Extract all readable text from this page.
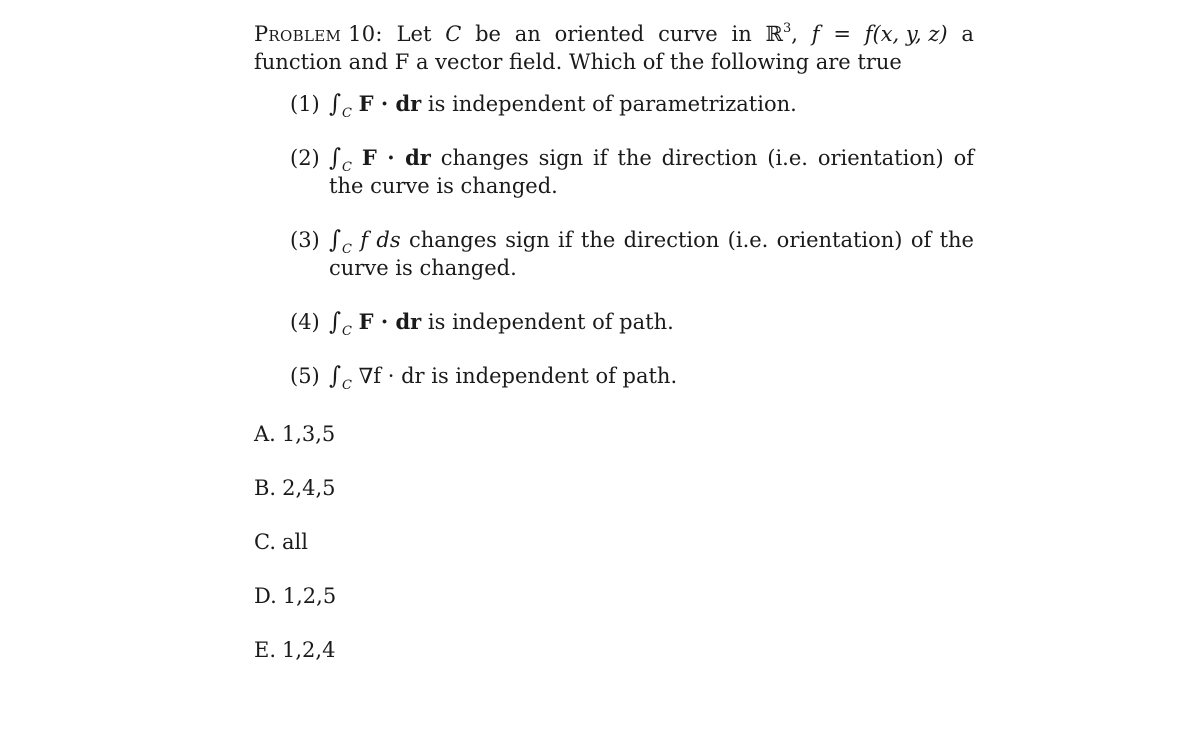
Problem 10: Let C be an oriented curve in ℝ$^3$, f = f(x, y, z) a
function and F a vector field. Which of the following are true
(1) $\int_C$ F · dr is independent of parametrization.
(2) $\int_C$ F · dr changes sign if the direction (i.e. orientation) of the curve is changed.
(3) $\int_C$ f ds changes sign if the direction (i.e. orientation) of the curve is changed.
(4) $\int_C$ F · dr is independent of path.
(5) $\int_C$ ∇f · dr is independent of path.
A. 1,3,5
B. 2,4,5
C. all
D. 1,2,5
E. 1,2,4
